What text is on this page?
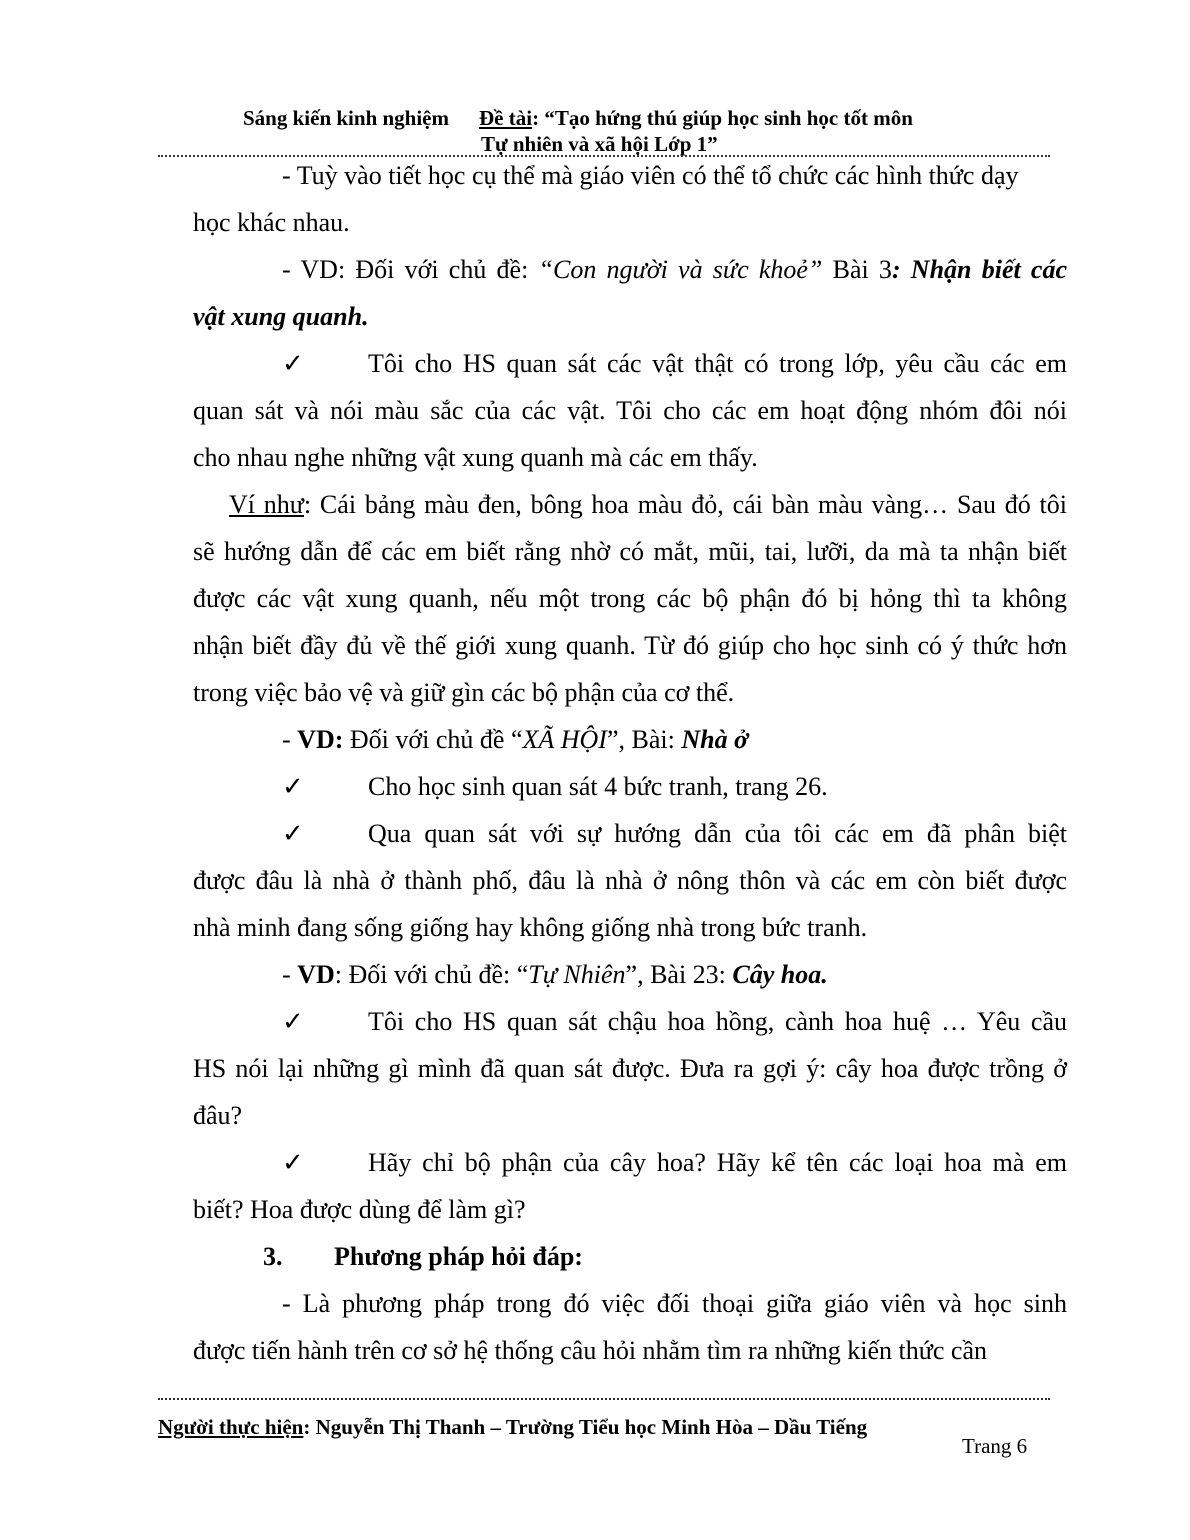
Sáng kiến kinh nghiệm Đề tài: “Tạo hứng thú giúp học sinh học tốt môn
Tự nhiên và xã hội Lớp 1”
- Tuỳ vào tiết học cụ thể mà giáo viên có thể tổ chức các hình thức dạy
học khác nhau.
- VD: Đối với chủ đề: “Con người và sức khoẻ” Bài 3: Nhận biết các
vật xung quanh.
✓ Tôi cho HS quan sát các vật thật có trong lớp, yêu cầu các em
quan sát và nói màu sắc của các vật. Tôi cho các em hoạt động nhóm đôi nói
cho nhau nghe những vật xung quanh mà các em thấy.
Ví như: Cái bảng màu đen, bông hoa màu đỏ, cái bàn màu vàng… Sau đó tôi
sẽ hướng dẫn để các em biết rằng nhờ có mắt, mũi, tai, lưỡi, da mà ta nhận biết
được các vật xung quanh, nếu một trong các bộ phận đó bị hỏng thì ta không
nhận biết đầy đủ về thế giới xung quanh. Từ đó giúp cho học sinh có ý thức hơn
trong việc bảo vệ và giữ gìn các bộ phận của cơ thể.
- VD: Đối với chủ đề “XÃ HỘI”, Bài: Nhà ở
✓ Cho học sinh quan sát 4 bức tranh, trang 26.
✓ Qua quan sát với sự hướng dẫn của tôi các em đã phân biệt
được đâu là nhà ở thành phố, đâu là nhà ở nông thôn và các em còn biết được
nhà minh đang sống giống hay không giống nhà trong bức tranh.
- VD: Đối với chủ đề: “Tự Nhiên”, Bài 23: Cây hoa.
✓ Tôi cho HS quan sát chậu hoa hồng, cành hoa huệ … Yêu cầu
HS nói lại những gì mình đã quan sát được. Đưa ra gợi ý: cây hoa được trồng ở
đâu?
✓ Hãy chỉ bộ phận của cây hoa? Hãy kể tên các loại hoa mà em
biết? Hoa được dùng để làm gì?
3. Phương pháp hỏi đáp:
- Là phương pháp trong đó việc đối thoại giữa giáo viên và học sinh
được tiến hành trên cơ sở hệ thống câu hỏi nhằm tìm ra những kiến thức cần
Người thực hiện: Nguyễn Thị Thanh – Trường Tiểu học Minh Hòa – Dầu Tiếng
Trang 6
